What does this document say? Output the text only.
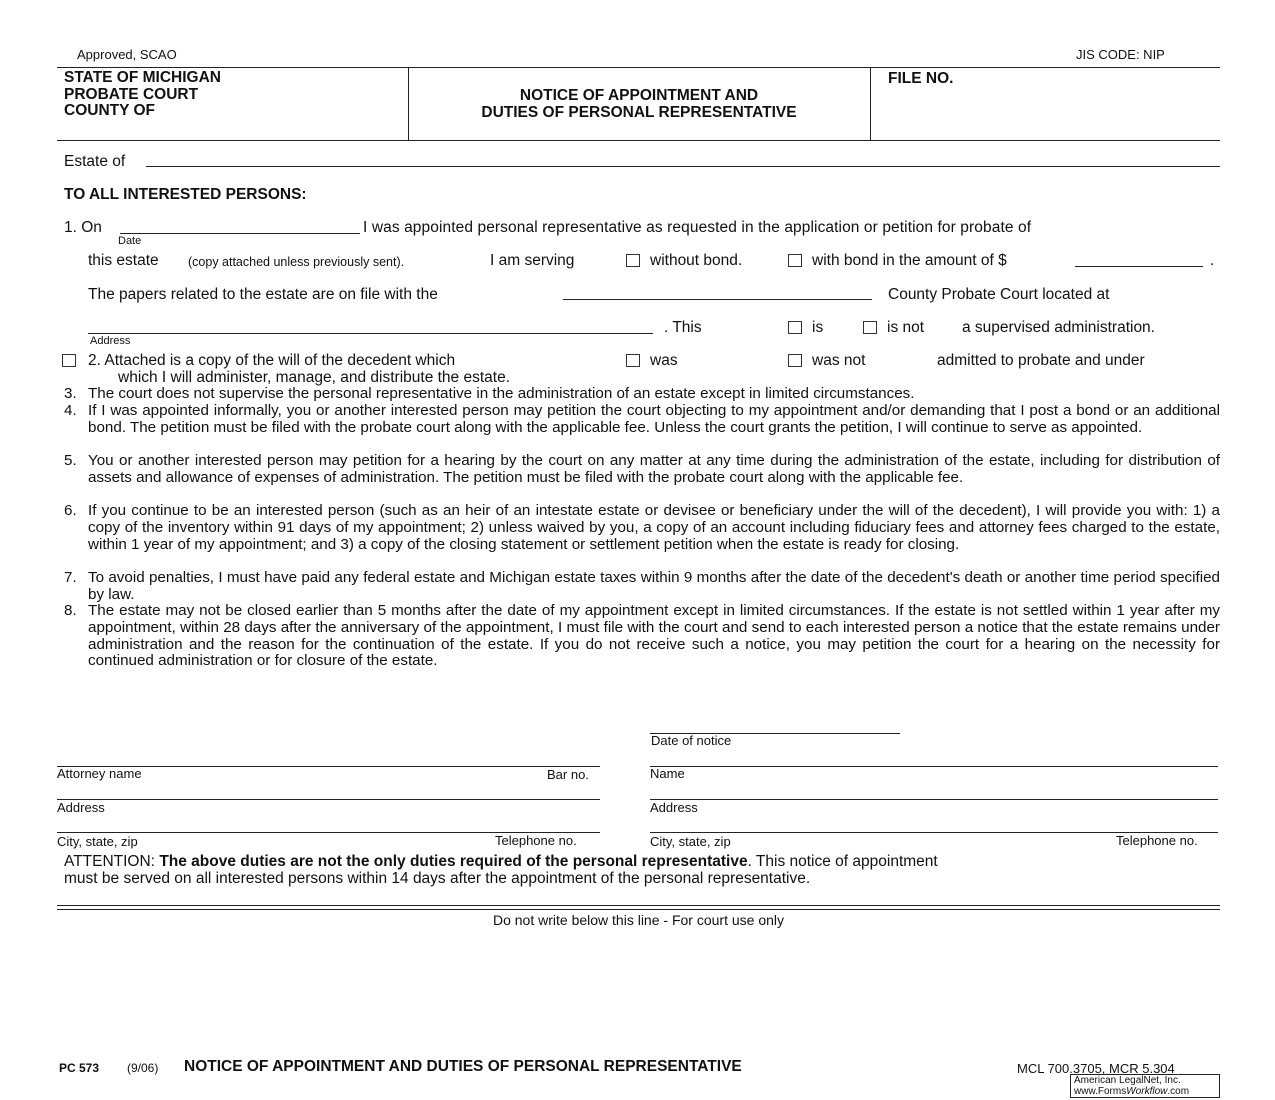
Approved, SCAO	JIS CODE: NIP
STATE OF MICHIGAN
PROBATE COURT
COUNTY OF
NOTICE OF APPOINTMENT AND
DUTIES OF PERSONAL REPRESENTATIVE
FILE NO.
Estate of
TO ALL INTERESTED PERSONS:
1. On
Date
I was appointed personal representative as requested in the application or petition for probate of
this estate (copy attached unless previously sent).	I am serving	without bond.	with bond in the amount of $	.
The papers related to the estate are on file with the	County Probate Court located at
Address
. This	is	is not a supervised administration.
2. Attached is a copy of the will of the decedent which	was	was not	admitted to probate and under
which I will administer, manage, and distribute the estate.
3. The court does not supervise the personal representative in the administration of an estate except in limited circumstances.
4. If I was appointed informally, you or another interested person may petition the court objecting to my appointment and/or demanding that I post a bond or an additional bond. The petition must be filed with the probate court along with the applicable fee. Unless the court grants the petition, I will continue to serve as appointed.
5. You or another interested person may petition for a hearing by the court on any matter at any time during the administration of the estate, including for distribution of assets and allowance of expenses of administration. The petition must be filed with the probate court along with the applicable fee.
6. If you continue to be an interested person (such as an heir of an intestate estate or devisee or beneficiary under the will of the decedent), I will provide you with: 1) a copy of the inventory within 91 days of my appointment; 2) unless waived by you, a copy of an account including fiduciary fees and attorney fees charged to the estate, within 1 year of my appointment; and 3) a copy of the closing statement or settlement petition when the estate is ready for closing.
7. To avoid penalties, I must have paid any federal estate and Michigan estate taxes within 9 months after the date of the decedent's death or another time period specified by law.
8. The estate may not be closed earlier than 5 months after the date of my appointment except in limited circumstances. If the estate is not settled within 1 year after my appointment, within 28 days after the anniversary of the appointment, I must file with the court and send to each interested person a notice that the estate remains under administration and the reason for the continuation of the estate. If you do not receive such a notice, you may petition the court for a hearing on the necessity for continued administration or for closure of the estate.
Date of notice
Attorney name	Bar no.	Name
Address	Address
City, state, zip	Telephone no.	City, state, zip	Telephone no.
ATTENTION: The above duties are not the only duties required of the personal representative. This notice of appointment
must be served on all interested persons within 14 days after the appointment of the personal representative.
Do not write below this line - For court use only
PC 573 (9/06) NOTICE OF APPOINTMENT AND DUTIES OF PERSONAL REPRESENTATIVE	MCL 700.3705, MCR 5.304
American LegalNet, Inc.
www.FormsWorkflow.com
